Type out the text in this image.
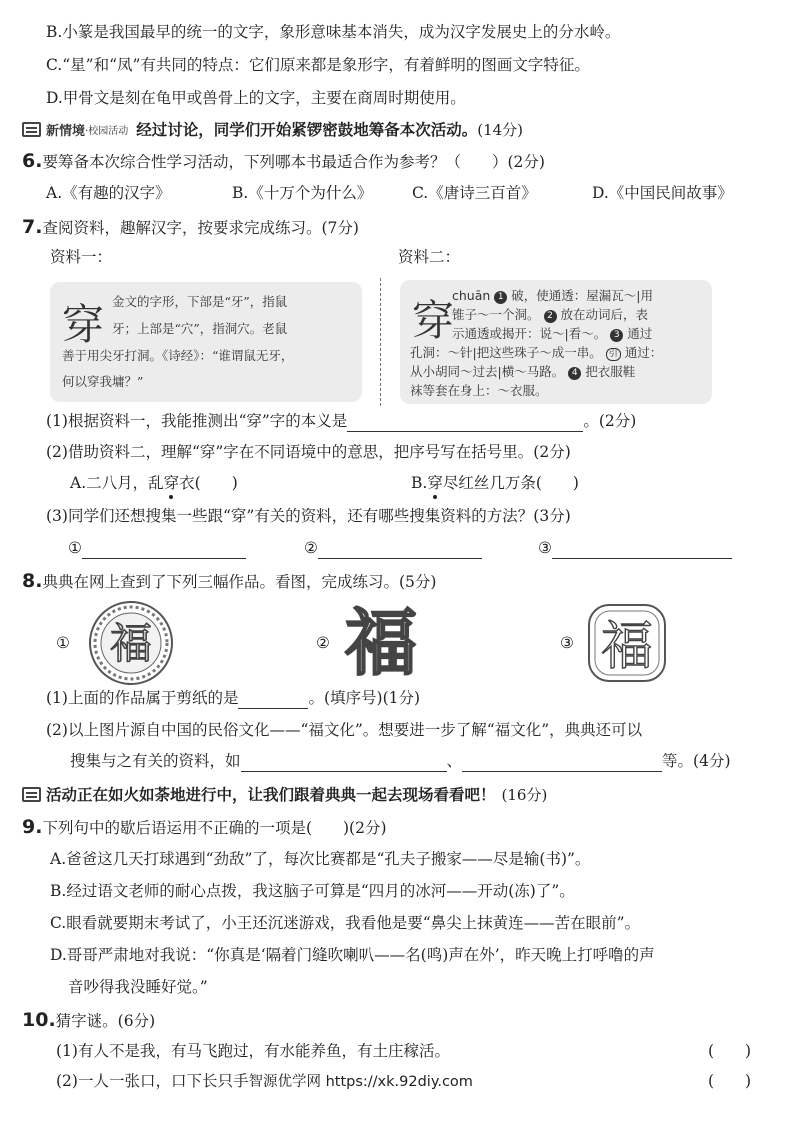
B.小篆是我国最早的统一的文字，象形意味基本消失，成为汉字发展史上的分水岭。
C.“星”和“凤”有共同的特点：它们原来都是象形字，有着鲜明的图画文字特征。
D.甲骨文是刻在龟甲或兽骨上的文字，主要在商周时期使用。
新情境 ·校园活动 经过讨论，同学们开始紧锣密鼓地筹备本次活动。 (14分)
6.要筹备本次综合性学习活动，下列哪本书最适合作为参考？（　　）(2分)
A.《有趣的汉字》	B.《十万个为什么》	C.《唐诗三百首》	D.《中国民间故事》
7.查阅资料，趣解汉字，按要求完成练习。(7分)
资料一：	资料二：
穿 金文的字形，下部是“牙”，指鼠
牙；上部是“穴”，指洞穴。老鼠
善于用尖牙打洞。《诗经》：“谁谓鼠无牙，
何以穿我墉？”
穿
chuān 1 破，使通透：屋漏瓦～|用
锥子～一个洞。 2 放在动词后，表
示通透或揭开：说～|看～。 3 通过
孔洞：～针|把这些珠子～成一串。 引 通过：
从小胡同～过去|横～马路。 4 把衣服鞋
袜等套在身上：～衣服。
(1)根据资料一，我能推测出“穿”字的本义是	。(2分)
(2)借助资料二，理解“穿”字在不同语境中的意思，把序号写在括号里。(2分)
A.二八月，乱穿衣(　　)	B.穿尽红丝几万条(　　)
(3)同学们还想搜集一些跟“穿”有关的资料，还有哪些搜集资料的方法？(3分)
①	②	③
8.典典在网上查到了下列三幅作品。看图，完成练习。(5分)
① 福	② 福	③ 福
(1)上面的作品属于剪纸的是	。(填序号)(1分)
(2)以上图片源自中国的民俗文化——“福文化”。想要进一步了解“福文化”，典典还可以
搜集与之有关的资料，如	、	等。(4分)
活动正在如火如荼地进行中，让我们跟着典典一起去现场看看吧！ (16分)
9.下列句中的歇后语运用不正确的一项是(　　)(2分)
A.爸爸这几天打球遇到“劲敌”了，每次比赛都是“孔夫子搬家——尽是输(书)”。
B.经过语文老师的耐心点拨，我这脑子可算是“四月的冰河——开动(冻)了”。
C.眼看就要期末考试了，小王还沉迷游戏，我看他是要“鼻尖上抹黄连——苦在眼前”。
D.哥哥严肃地对我说：“你真是‘隔着门缝吹喇叭——名(鸣)声在外’，昨天晚上打呼噜的声
音吵得我没睡好觉。”
10.猜字谜。(6分)
(1)有人不是我，有马飞跑过，有水能养鱼，有土庄稼活。	(　　)
(2)一人一张口，口下长只手智源优学网 https://xk.92diy.com	(　　)
